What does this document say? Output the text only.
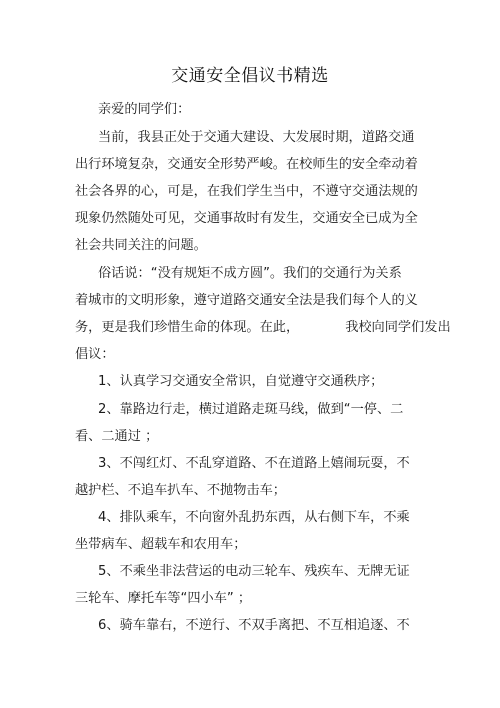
交通安全倡议书精选
亲爱的同学们：
当前，我县正处于交通大建设、大发展时期，道路交通
出行环境复杂，交通安全形势严峻。在校师生的安全牵动着
社会各界的心，可是，在我们学生当中，不遵守交通法规的
现象仍然随处可见，交通事故时有发生，交通安全已成为全
社会共同关注的问题。
俗话说：“没有规矩不成方圆”。我们的交通行为关系
着城市的文明形象，遵守道路交通安全法是我们每个人的义
务，更是我们珍惜生命的体现。在此，	我校向同学们发出
倡议：
1、认真学习交通安全常识，自觉遵守交通秩序；
2、靠路边行走，横过道路走斑马线，做到“一停、二
看、二通过 ；
3、不闯红灯、不乱穿道路、不在道路上嬉闹玩耍，不
越护栏、不追车扒车、不抛物击车；
4、排队乘车，不向窗外乱扔东西，从右侧下车，不乘
坐带病车、超载车和农用车；
5、不乘坐非法营运的电动三轮车、残疾车、无牌无证
三轮车、摩托车等“四小车” ；
6、骑车靠右，不逆行、不双手离把、不互相追逐、不
